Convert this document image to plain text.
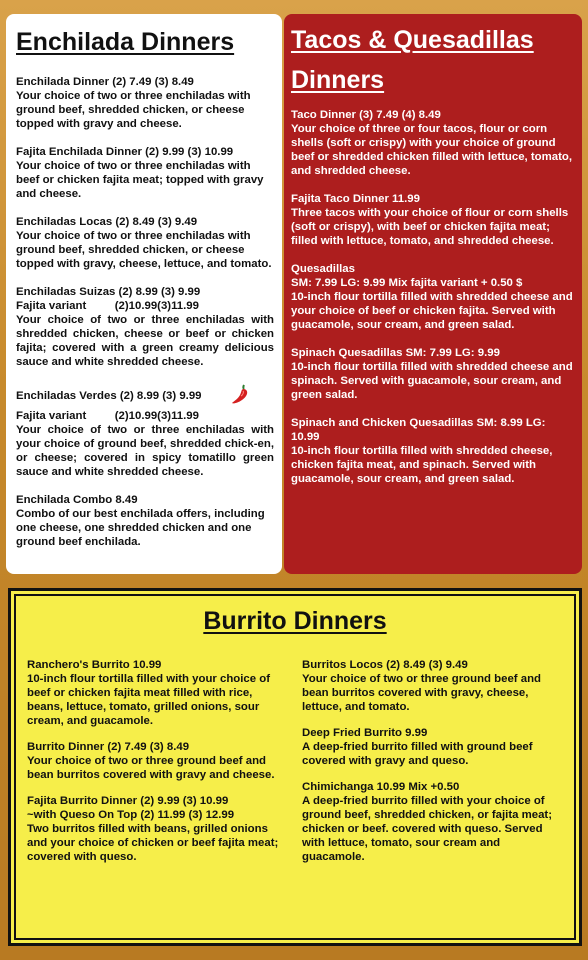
Enchilada Dinners
Enchilada Dinner (2) 7.49 (3) 8.49
Your choice of two or three enchiladas with ground beef, shredded chicken, or cheese topped with gravy and cheese.
Fajita Enchilada Dinner (2) 9.99 (3) 10.99
Your choice of two or three enchiladas with beef or chicken fajita meat; topped with gravy and cheese.
Enchiladas Locas (2) 8.49 (3) 9.49
Your choice of two or three enchiladas with ground beef, shredded chicken, or cheese topped with gravy, cheese, lettuce, and tomato.
Enchiladas Suizas (2) 8.99 (3) 9.99
Fajita variant         (2)10.99(3)11.99
Your choice of two or three enchiladas with shredded chicken, cheese or beef or chicken fajita; covered with a green creamy delicious sauce and white shredded cheese.
Enchiladas Verdes (2) 8.99 (3) 9.99
Fajita variant         (2)10.99(3)11.99
Your choice of two or three enchiladas with your choice of ground beef, shredded chick-en, or cheese; covered in spicy tomatillo green sauce and white shredded cheese.
Enchilada Combo 8.49
Combo of our best enchilada offers, including one cheese, one shredded chicken and one ground beef enchilada.
Tacos & Quesadillas
Dinners
Taco Dinner (3) 7.49 (4) 8.49
Your choice of three or four tacos, flour or corn shells (soft or crispy) with your choice of ground beef or shredded chicken filled with lettuce, tomato, and shredded cheese.
Fajita Taco Dinner 11.99
Three tacos with your choice of flour or corn shells (soft or crispy), with beef or chicken fajita meat; filled with lettuce, tomato, and shredded cheese.
Quesadillas
SM: 7.99 LG: 9.99 Mix fajita variant + 0.50 $
10-inch flour tortilla filled with shredded cheese and your choice of beef or chicken fajita. Served with guacamole, sour cream, and green salad.
Spinach Quesadillas SM: 7.99 LG: 9.99
10-inch flour tortilla filled with shredded cheese and spinach. Served with guacamole, sour cream, and green salad.
Spinach and Chicken Quesadillas SM: 8.99 LG: 10.99
10-inch flour tortilla filled with shredded cheese, chicken fajita meat, and spinach. Served with guacamole, sour cream, and green salad.
Burrito Dinners
Ranchero's Burrito 10.99
10-inch flour tortilla filled with your choice of beef or chicken fajita meat filled with rice, beans, lettuce, tomato, grilled onions, sour cream, and guacamole.
Burrito Dinner (2) 7.49 (3) 8.49
Your choice of two or three ground beef and bean burritos covered with gravy and cheese.
Fajita Burrito Dinner (2) 9.99 (3) 10.99
~with Queso On Top (2) 11.99 (3) 12.99
Two burritos filled with beans, grilled onions and your choice of chicken or beef fajita meat; covered with queso.
Burritos Locos (2) 8.49 (3) 9.49
Your choice of two or three ground beef and bean burritos covered with gravy, cheese, lettuce, and tomato.
Deep Fried Burrito 9.99
A deep-fried burrito filled with ground beef covered with gravy and queso.
Chimichanga 10.99 Mix +0.50
A deep-fried burrito filled with your choice of ground beef, shredded chicken, or fajita meat; chicken or beef. covered with queso. Served with lettuce, tomato, sour cream and guacamole.
